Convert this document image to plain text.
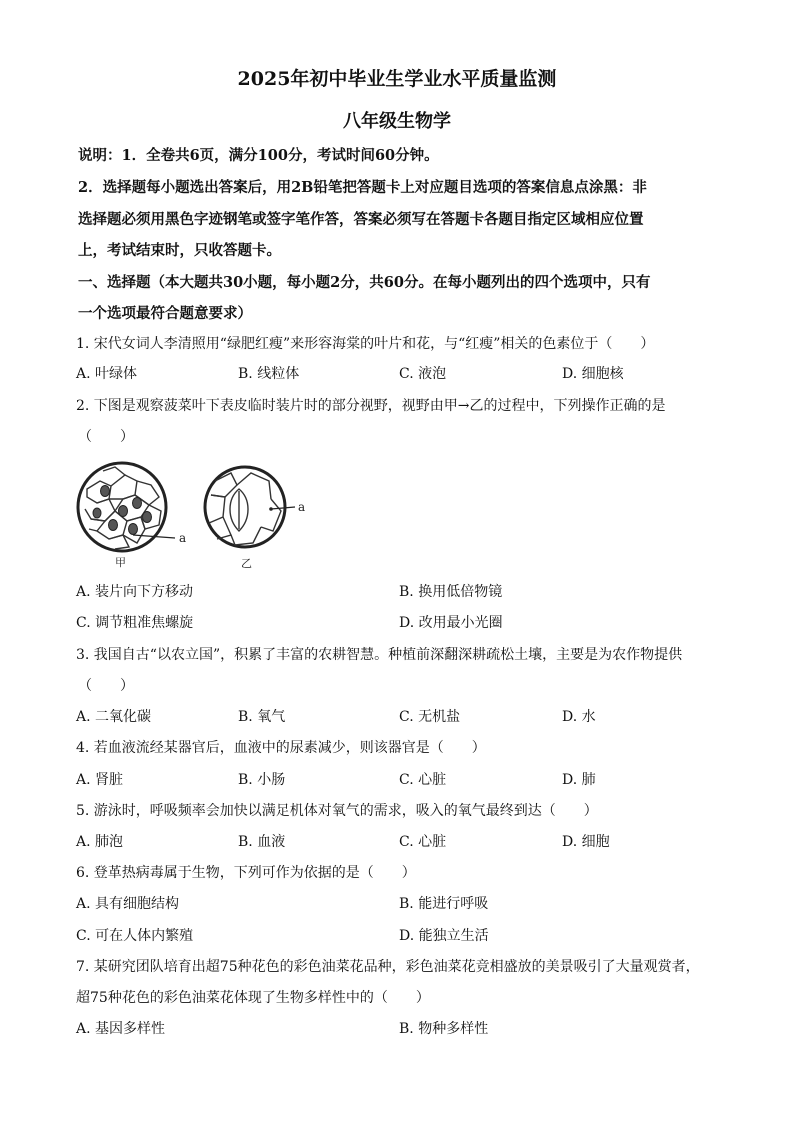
2025年初中毕业生学业水平质量监测
八年级生物学
说明：1．全卷共6页，满分100分，考试时间60分钟。
2．选择题每小题选出答案后，用2B铅笔把答题卡上对应题目选项的答案信息点涂黑：非
选择题必须用黑色字迹钢笔或签字笔作答，答案必须写在答题卡各题目指定区域相应位置
上，考试结束时，只收答题卡。
一、选择题（本大题共30小题，每小题2分，共60分。在每小题列出的四个选项中，只有
一个选项最符合题意要求）
1. 宋代女词人李清照用“绿肥红瘦”来形容海棠的叶片和花，与“红瘦”相关的色素位于（　　）
A. 叶绿体	B. 线粒体	C. 液泡	D. 细胞核
2. 下图是观察菠菜叶下表皮临时装片时的部分视野，视野由甲→乙的过程中，下列操作正确的是
（　　）
a
甲
a
乙
A. 装片向下方移动	B. 换用低倍物镜
C. 调节粗准焦螺旋	D. 改用最小光圈
3. 我国自古“以农立国”，积累了丰富的农耕智慧。种植前深翻深耕疏松土壤，主要是为农作物提供
（　　）
A. 二氧化碳	B. 氧气	C. 无机盐	D. 水
4. 若血液流经某器官后，血液中的尿素减少，则该器官是（　　）
A. 肾脏	B. 小肠	C. 心脏	D. 肺
5. 游泳时，呼吸频率会加快以满足机体对氧气的需求，吸入的氧气最终到达（　　）
A. 肺泡	B. 血液	C. 心脏	D. 细胞
6. 登革热病毒属于生物，下列可作为依据的是（　　）
A. 具有细胞结构	B. 能进行呼吸
C. 可在人体内繁殖	D. 能独立生活
7. 某研究团队培育出超75种花色的彩色油菜花品种，彩色油菜花竞相盛放的美景吸引了大量观赏者，
超75种花色的彩色油菜花体现了生物多样性中的（　　）
A. 基因多样性	B. 物种多样性
